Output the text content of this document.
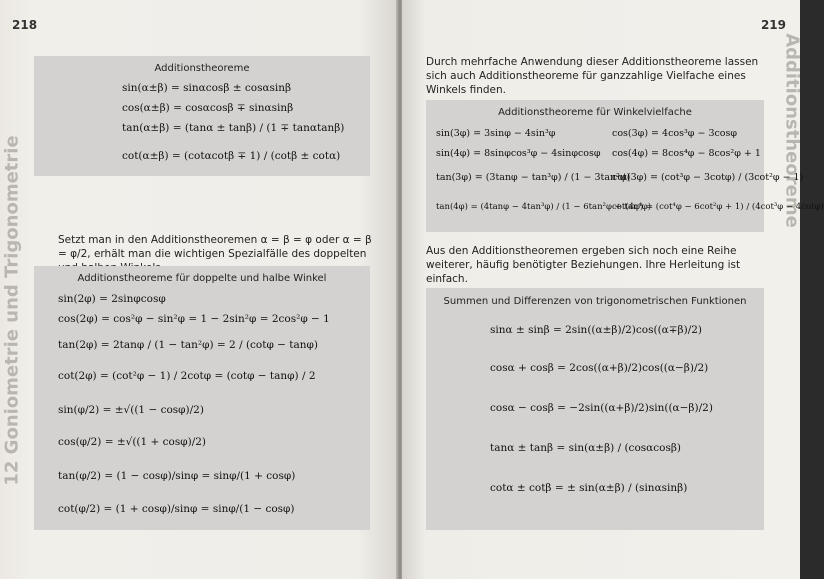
218
12 Goniometrie und Trigonometrie
Additionstheoreme
sin(α±β) = sinαcosβ ± cosαsinβ
cos(α±β) = cosαcosβ ∓ sinαsinβ
tan(α±β) = (tanα ± tanβ) / (1 ∓ tanαtanβ)
cot(α±β) = (cotαcotβ ∓ 1) / (cotβ ± cotα)
Setzt man in den Additionstheoremen α = β = φ oder α = β = φ/2, erhält man die wichtigen Spezialfälle des doppelten
Additionstheoreme für doppelte und halbe Winkel
sin(2φ) = 2sinφcosφ
cos(2φ) = cos²φ − sin²φ = 1 − 2sin²φ = 2cos²φ − 1
tan(2φ) = 2tanφ / (1 − tan²φ) = 2 / (cotφ − tanφ)
cot(2φ) = (cot²φ − 1) / 2cotφ = (cotφ − tanφ) / 2
sin(φ/2) = ±√((1 − cosφ)/2)
cos(φ/2) = ±√((1 + cosφ)/2)
tan(φ/2) = (1 − cosφ)/sinφ = sinφ/(1 + cosφ)
cot(φ/2) = (1 + cosφ)/sinφ = sinφ/(1 − cosφ)
219
Additionstheoreme
Durch mehrfache Anwendung dieser Additionstheoreme lassen sich auch Additionstheoreme für ganzzahlige Vielfache eines Winkels finden.
Additionstheoreme für Winkelvielfache
sin(3φ) = 3sinφ − 4sin³φ
sin(4φ) = 8sinφcos³φ − 4sinφcosφ
tan(3φ) = (3tanφ − tan³φ) / (1 − 3tan²φ)
tan(4φ) = (4tanφ − 4tan³φ) / (1 − 6tan²φ + tan⁴φ)
cos(3φ) = 4cos³φ − 3cosφ
cos(4φ) = 8cos⁴φ − 8cos²φ + 1
cot(3φ) = (cot³φ − 3cotφ) / (3cot²φ − 1)
cot(4φ) = (cot⁴φ − 6cot²φ + 1) / (4cot³φ − 4cotφ)
Aus den Additionstheoremen ergeben sich noch eine Reihe weiterer, häufig benötigter Beziehungen. Ihre Herleitung ist einfach.
Summen und Differenzen von trigonometrischen Funktionen
sinα ± sinβ = 2sin((α±β)/2)cos((α∓β)/2)
cosα + cosβ = 2cos((α+β)/2)cos((α−β)/2)
cosα − cosβ = −2sin((α+β)/2)sin((α−β)/2)
tanα ± tanβ = sin(α±β) / (cosαcosβ)
cotα ± cotβ = ± sin(α±β) / (sinαsinβ)
